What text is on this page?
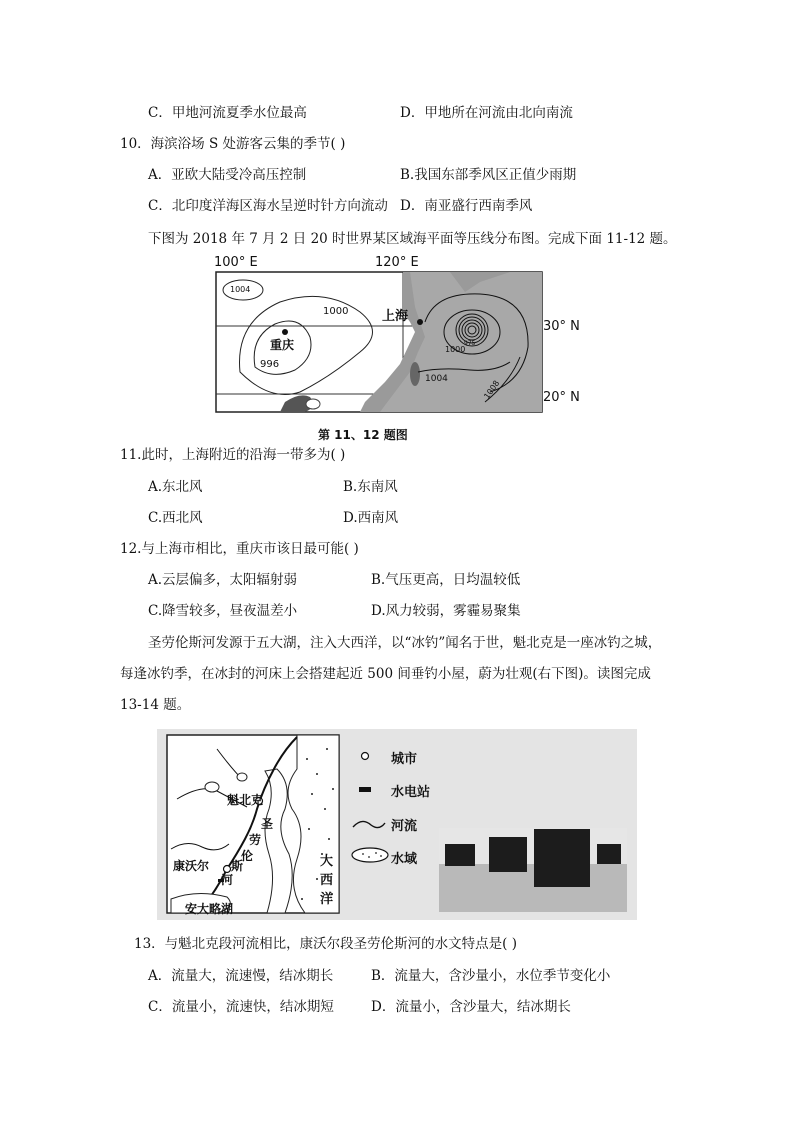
C．甲地河流夏季水位最高	D．甲地所在河流由北向南流
10．海滨浴场 S 处游客云集的季节( )
A．亚欧大陆受冷高压控制	B.我国东部季风区正值少雨期
C．北印度洋海区海水呈逆时针方向流动 D．南亚盛行西南季风
下图为 2018 年 7 月 2 日 20 时世界某区域海平面等压线分布图。完成下面 11-12 题。
100° E	120° E
30° N
20° N
1004
1000
996
重庆
上海
1000
1004	1008
975
第 11、12 题图
11.此时，上海附近的沿海一带多为( )
A.东北风	B.东南风
C.西北风	D.西南风
12.与上海市相比，重庆市该日最可能( )
A.云层偏多，太阳辐射弱	B.气压更高，日均温较低
C.降雪较多，昼夜温差小	D.风力较弱，雾霾易聚集
圣劳伦斯河发源于五大湖，注入大西洋，以“冰钓”闻名于世，魁北克是一座冰钓之城，
每逢冰钓季，在冰封的河床上会搭建起近 500 间垂钓小屋，蔚为壮观(右下图)。读图完成
13-14 题。
魁北克
康沃尔
圣
劳
伦
斯
河
安大略湖
大
西
洋
城市
水电站
河流
水域
13．与魁北克段河流相比，康沃尔段圣劳伦斯河的水文特点是( )
A．流量大，流速慢，结冰期长	B．流量大，含沙量小，水位季节变化小
C．流量小，流速快，结冰期短	D．流量小，含沙量大，结冰期长
